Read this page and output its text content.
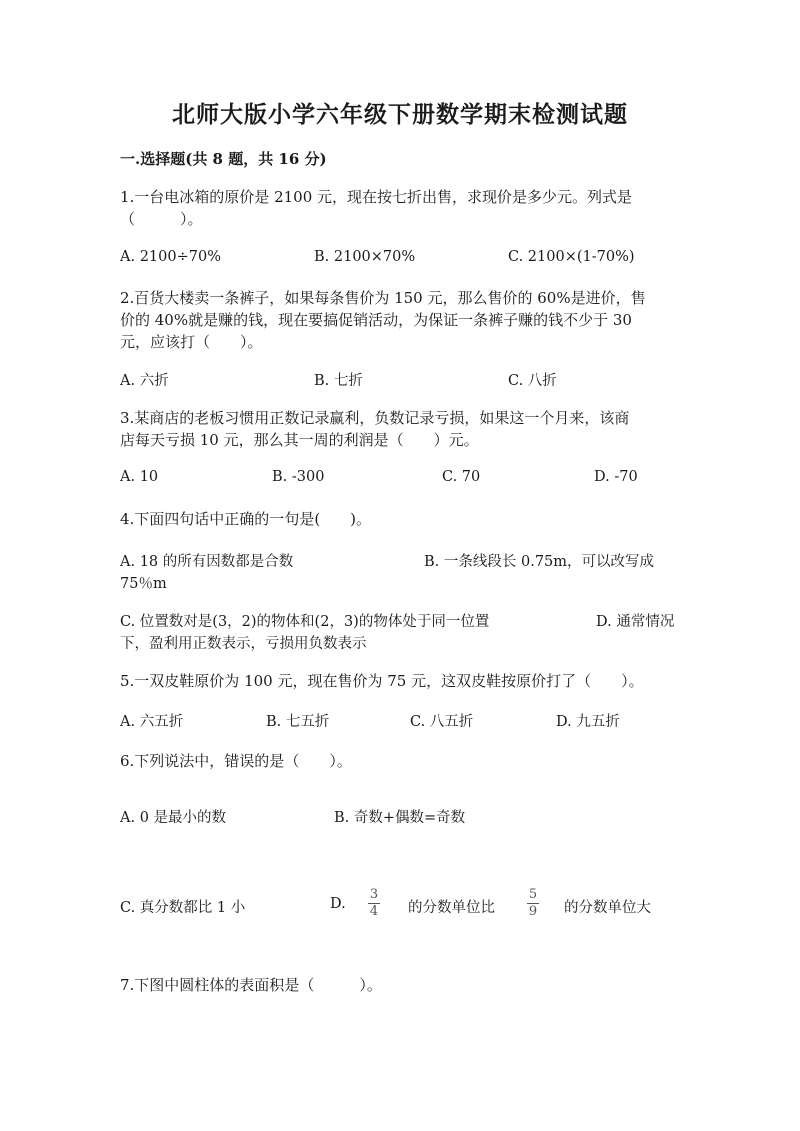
北师大版小学六年级下册数学期末检测试题
一.选择题(共 8 题，共 16 分)
1.一台电冰箱的原价是 2100 元，现在按七折出售，求现价是多少元。列式是
（　　　）。
A. 2100÷70%	B. 2100×70%	C. 2100×(1-70%)
2.百货大楼卖一条裤子，如果每条售价为 150 元，那么售价的 60%是进价，售
价的 40%就是赚的钱，现在要搞促销活动，为保证一条裤子赚的钱不少于 30
元，应该打（　　）。
A. 六折	B. 七折	C. 八折
3.某商店的老板习惯用正数记录赢利，负数记录亏损，如果这一个月来，该商
店每天亏损 10 元，那么其一周的利润是（　　）元。
A. 10	B. -300	C. 70	D. -70
4.下面四句话中正确的一句是(　　)。
A. 18 的所有因数都是合数	B. 一条线段长 0.75m，可以改写成
75％m
C. 位置数对是(3，2)的物体和(2，3)的物体处于同一位置	D. 通常情况
下，盈利用正数表示，亏损用负数表示
5.一双皮鞋原价为 100 元，现在售价为 75 元，这双皮鞋按原价打了（　　）。
A. 六五折	B. 七五折	C. 八五折	D. 九五折
6.下列说法中，错误的是（　　）。
A. 0 是最小的数	B. 奇数+偶数=奇数
C. 真分数都比 1 小	D.
3
4 的分数单位比
5
9 的分数单位大
7.下图中圆柱体的表面积是（　　　）。
